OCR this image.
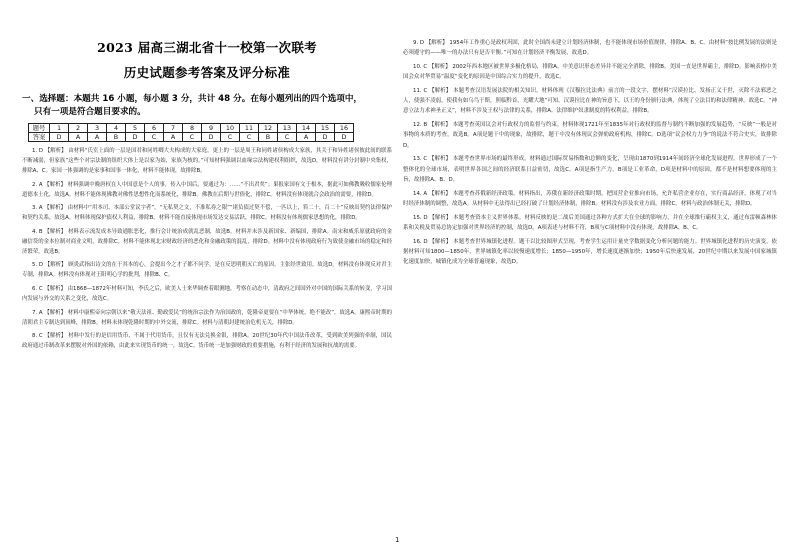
2023 届高三湖北省十一校第一次联考
历史试题参考答案及评分标准
一、选择题：本题共 16 小题，每小题 3 分，共计 48 分。在每小题列出的四个选项中，
只有一项是符合题目要求的。
题号	1	2	3	4	5	6	7	8	9	10	11	12	13	14	15	16
答案	D	A	A	B	D	C	A	C	D	C	C	B	C	A	D	D

1. D 【解析】 由材料“氏室上面的一层是国君和同姓卿大夫构成的大家庭，更上的一层是周王和同姓诸侯构成大家族，其关于和异姓诸侯彼此间的联系不断减弱，但家族”这些个对宗法制的组织大体上是以家为始，家族为核的。”可知材料强调以血缘宗法构建权利组织，故选D。材料没有讲分封制中央集权，排除A、C。家国一体强调的是家事和国事一体化，材料不能体现，故排除B。

2. A 【解析】 材料强调中晚唐权在人中国意是个人的事，传入中国后，要通过为：……“不出君矣”；果报家国有文于根本，据此可如佛教吸收儒家伦理道德本土化，故选A。材料不能体现佛教对佛性思想性化而系统化，排除B。佛教在后期与世俗化，排除C。材料没有体现就合会政治的需要，排除D。

3. A 【解析】 由材料中“用本司、本部公堂议字者”，“无私契之文，不准私券之限”“诸负债过契不偿，一匹以上，笞二十，百二十”反映出契约法律保护和契约关系，故选A。材料体现保护债权人利益，排除B。材料不能直接体现市场发达交易活跃，排除C。材料没有体现儒家思想的化，排除D。

4. B 【解析】 材料表示流发成本导致通胀恶化，推行会计统治成就乱恶制，故选B。材料并未涉及新国家、新编国，排除A。南宋和威乐原就政府的金融信贷的金本位制对商业文明，故排除C。材料不能体现北宋财政经济的恶化和金融政策的混乱，排除D。材料中没有体现政府行为致使金融市场的稳定和经济繁荣，故选B。

5. D 【解析】 顾炎武指出诗文的在于其本的心，会提出今之才子都不问学。是在反思明朝灭亡的原因，主张经世致用。故选D。材料没有体现反对君主专制，排除A。材料没有体现对王阳明心学的批判，排除B、C。

6. C 【解析】 由1868—1872年材料可知，李氏之后，欧美人士来华调查着眼测地，考察在动态中，清政府之间国外对中国的国际关系的转变，学习国内发展与外交的关系之变化，故选C。

7. A 【解析】 材料中康熙帝向宗朝以来“敬天法祖、勤政爱民”的统治宗法作为治国政的，乾隆帝更要在“中华体统，绝不能改”，故选A。康熙帝时期的清朝君主专制达到顶峰，排除B。材料未体现乾隆时期的中外交流，排除C。材料与清朝封建统治危机无关，排除D。

8. C 【解析】 材料中发行的是信用货币，不属于代用货币，且仅有无法兑换金银，排除A。20世纪30年代中国法币改革，受到欧美列强的牵制，国民政府通过币制改革来摆脱对外国的依赖，由此来实现货币的统一，故选C。货币统一是加强财政的重要措施，有利于经济的发展和抗战的需要。

9. D 【解析】 1954年工作重心是政权巩固，此时全国尚未建立计划经济体制，也不能体现市场价值规律，排除A、B、C。由材料“按比例发展的法则是必须遵守的——唯一的办法只有是否平衡。”可知在计划经济平衡发展，故选D。

10. C 【解析】 2002年西本地区被世界多极化格局，排除A。中美意识形态差异并不能完全消除，排除B。美国一直是世界霸主，排除D。影响表格中美国会众对华贸易“温度”变化的原因是中国综合实力的提升，故选C。

11. C 【解析】 本题考查汉语发展法院的相关知识。材料体现《汉穆拉比法典》前言的一段文字，摆材料“汉谟拉比、发扬正义于世，灭除不法邪恶之人，使强不凌弱，使我有如乌鸟于斯，照临黔首，光耀大地”可知，汉谟拉比在神的旨意下，以王的身份颁行法典，体现了立法目的和法律精神。故选C。“神意立法力求神圣正义”，材料不涉及王权与法律的关系，排除A。法律维护奴隶制度的特权利益，排除B。

12. B 【解析】 本题考查英国议会对行政权力的监督与约束。材料体现1721年至1835年对行政权的监督与制约不断加强的发展趋势，“反映”一般是对事物的本质的考查，故选B。A项是题干中的现象，故排除，题干中没有体现议会弹劾政府机构，排除C。D选项“议会权力力争”的说法不符合史实，故排除D。

13. C 【解析】 本题考查世界市场的最终形成。材料通过国际贸易指数和总额的变化，呈现由1870到1914年间经济全球化发展进程。世界形成了一个整体化的全球市场，表明世界各国之间的经济联系日益密切，故选C。A项是指生产力，B项是工业革命，D项是材料中的原因，都不是材料想要体现的主旨，故排除A、B、D。

14. A 【解析】 本题考查苏俄新经济政策。材料指出，苏俄在新经济政策时期，把国营企业推向市场，允许私营企业存在，实行商品经济，体现了对当时经济体制的调整，故选A。从材料中无法得出已经打破了计划经济体制，排除B。材料没有涉及农业方面，排除C。材料与政治体制无关，排除D。

15. D 【解析】 本题考查资本主义世界体系。材料反映的是二战后美国通过各种方式扩大在全球的影响力，并在全球推行霸权主义，通过布雷顿森林体系和关税及贸易总协定加强对世界经济的控制，故选D。A项表述与材料不符，B项与C项材料中没有体现，故排除A、B、C。

16. D 【解析】 本题考查世界城镇化进程。题干以比较图形式呈现，考查学生运用计量史学数据变化分析问题的能力。世界城镇化进程的历史演变，依据材料可知1800—1850年，世界城镇化率以较慢速度增长；1850—1950年，增长速度逐渐加快；1950年后快速发展，20世纪中期以来发展中国家城镇化速度加快，城镇化成为全球普遍现象，故选D。

1
